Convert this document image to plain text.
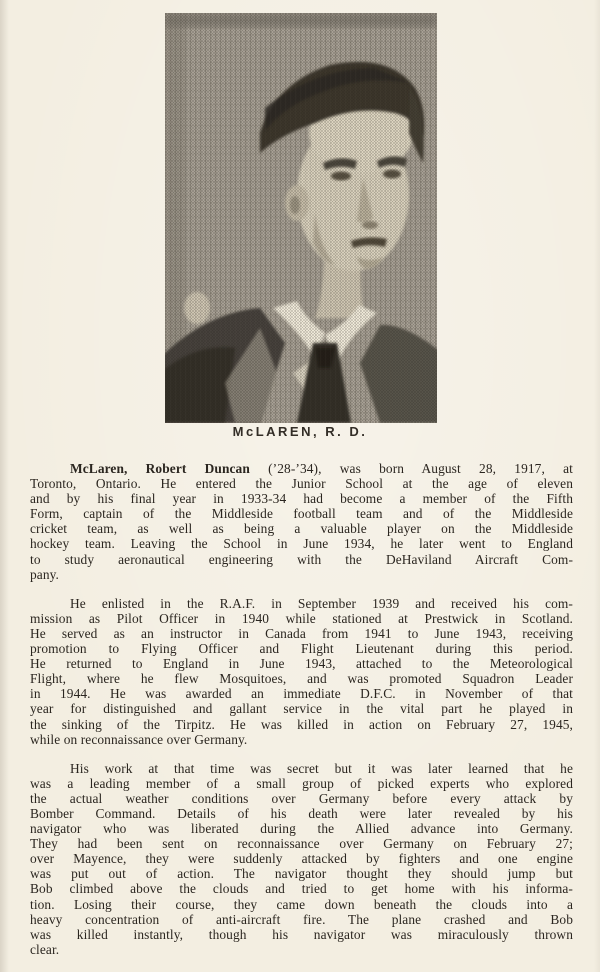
McLAREN, R. D.
McLaren, Robert Duncan (’28-’34), was born August 28, 1917, at
Toronto, Ontario. He entered the Junior School at the age of eleven
and by his final year in 1933-34 had become a member of the Fifth
Form, captain of the Middleside football team and of the Middleside
cricket team, as well as being a valuable player on the Middleside
hockey team. Leaving the School in June 1934, he later went to England
to study aeronautical engineering with the DeHaviland Aircraft Com-
pany.
He enlisted in the R.A.F. in September 1939 and received his com-
mission as Pilot Officer in 1940 while stationed at Prestwick in Scotland.
He served as an instructor in Canada from 1941 to June 1943, receiving
promotion to Flying Officer and Flight Lieutenant during this period.
He returned to England in June 1943, attached to the Meteorological
Flight, where he flew Mosquitoes, and was promoted Squadron Leader
in 1944. He was awarded an immediate D.F.C. in November of that
year for distinguished and gallant service in the vital part he played in
the sinking of the Tirpitz. He was killed in action on February 27, 1945,
while on reconnaissance over Germany.
His work at that time was secret but it was later learned that he
was a leading member of a small group of picked experts who explored
the actual weather conditions over Germany before every attack by
Bomber Command. Details of his death were later revealed by his
navigator who was liberated during the Allied advance into Germany.
They had been sent on reconnaissance over Germany on February 27;
over Mayence, they were suddenly attacked by fighters and one engine
was put out of action. The navigator thought they should jump but
Bob climbed above the clouds and tried to get home with his informa-
tion. Losing their course, they came down beneath the clouds into a
heavy concentration of anti-aircraft fire. The plane crashed and Bob
was killed instantly, though his navigator was miraculously thrown
clear.
